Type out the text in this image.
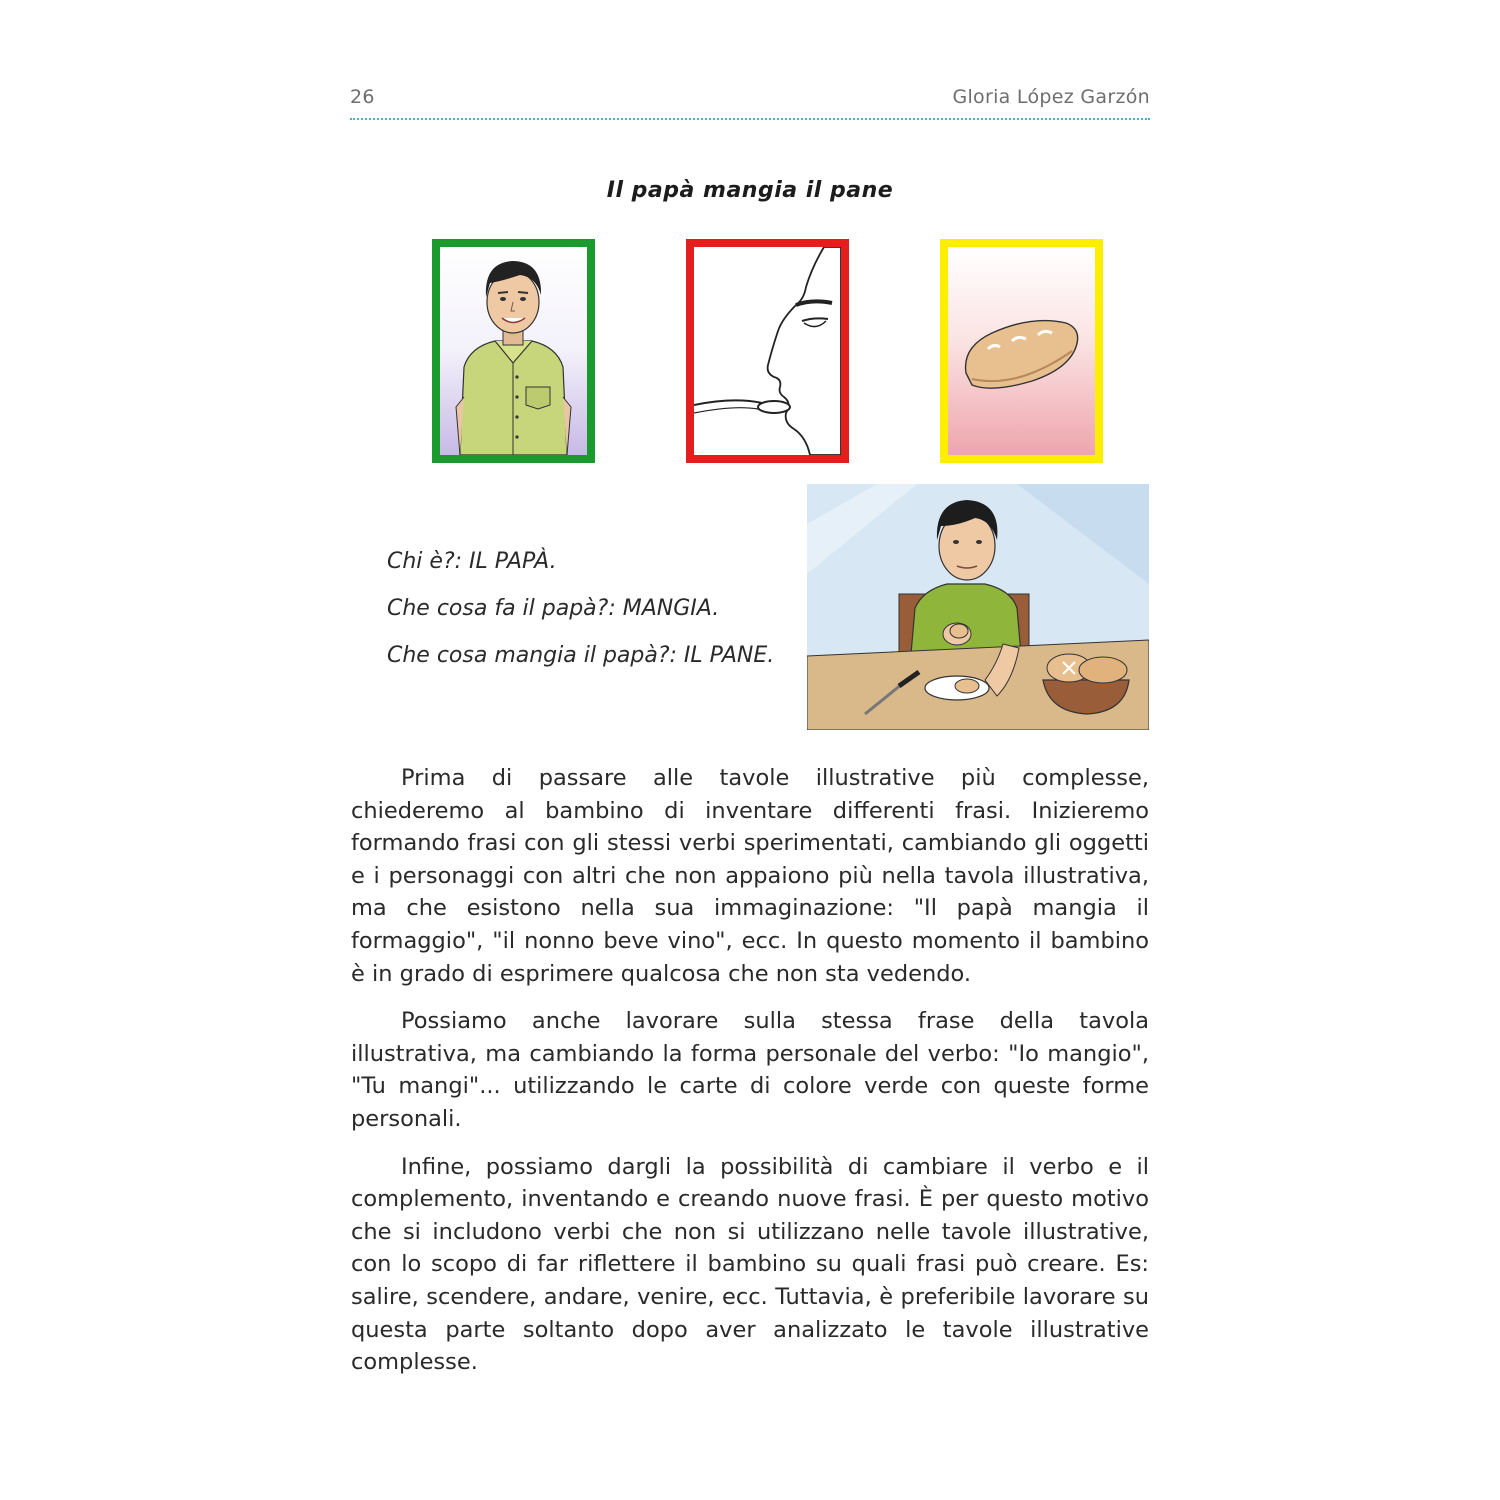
26	Gloria López Garzón
Il papà mangia il pane
Chi è?: IL PAPÀ.
Che cosa fa il papà?: MANGIA.
Che cosa mangia il papà?: IL PANE.

Prima di passare alle tavole illustrative più complesse, chiederemo al bambino di inventare differenti frasi. Inizieremo formando frasi con gli stessi verbi sperimentati, cambiando gli oggetti e i personaggi con altri che non appaiono più nella tavola illustrativa, ma che esistono nella sua immaginazione: "Il papà mangia il formaggio", "il nonno beve vino", ecc. In questo momento il bambino è in grado di esprimere qualcosa che non sta vedendo.

Possiamo anche lavorare sulla stessa frase della tavola illustrativa, ma cambiando la forma personale del verbo: "Io mangio", "Tu mangi"... utilizzando le carte di colore verde con queste forme personali.

Infine, possiamo dargli la possibilità di cambiare il verbo e il complemento, inventando e creando nuove frasi. È per questo motivo che si includono verbi che non si utilizzano nelle tavole illustrative, con lo scopo di far riflettere il bambino su quali frasi può creare. Es: salire, scendere, andare, venire, ecc. Tuttavia, è preferibile lavorare su questa parte soltanto dopo aver analizzato le tavole illustrative complesse.
